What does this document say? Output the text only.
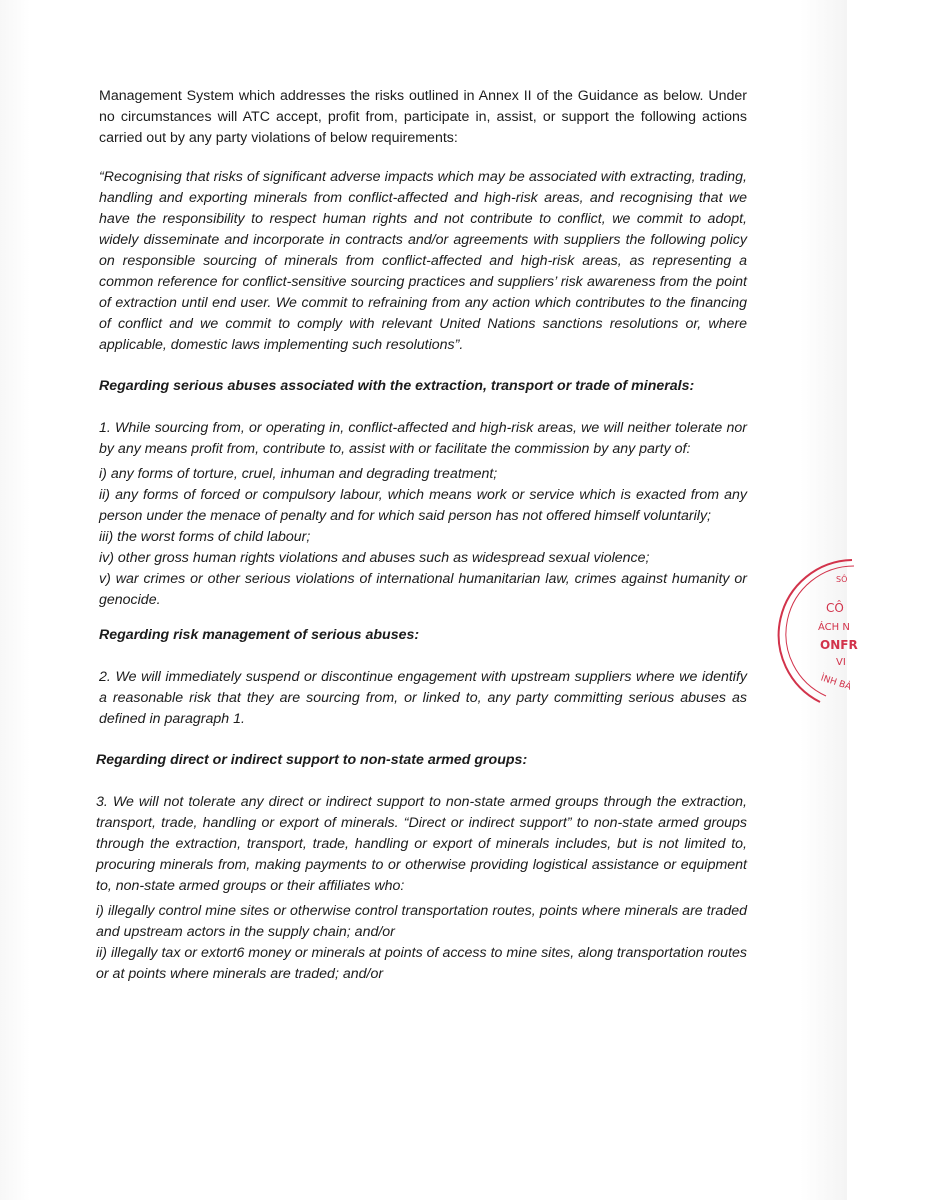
Management System which addresses the risks outlined in Annex II of the Guidance as below. Under no circumstances will ATC accept, profit from, participate in, assist, or support the following actions carried out by any party violations of below requirements:

“Recognising that risks of significant adverse impacts which may be associated with extracting, trading, handling and exporting minerals from conflict-affected and high-risk areas, and recognising that we have the responsibility to respect human rights and not contribute to conflict, we commit to adopt, widely disseminate and incorporate in contracts and/or agreements with suppliers the following policy on responsible sourcing of minerals from conflict-affected and high-risk areas, as representing a common reference for conflict-sensitive sourcing practices and suppliers’ risk awareness from the point of extraction until end user. We commit to refraining from any action which contributes to the financing of conflict and we commit to comply with relevant United Nations sanctions resolutions or, where applicable, domestic laws implementing such resolutions”.

Regarding serious abuses associated with the extraction, transport or trade of minerals:

1. While sourcing from, or operating in, conflict-affected and high-risk areas, we will neither tolerate nor by any means profit from, contribute to, assist with or facilitate the commission by any party of:

i) any forms of torture, cruel, inhuman and degrading treatment;

ii) any forms of forced or compulsory labour, which means work or service which is exacted from any person under the menace of penalty and for which said person has not offered himself voluntarily;

iii) the worst forms of child labour;

iv) other gross human rights violations and abuses such as widespread sexual violence;

v) war crimes or other serious violations of international humanitarian law, crimes against humanity or genocide.

Regarding risk management of serious abuses:

2. We will immediately suspend or discontinue engagement with upstream suppliers where we identify a reasonable risk that they are sourcing from, or linked to, any party committing serious abuses as defined in paragraph 1.

Regarding direct or indirect support to non-state armed groups:

3. We will not tolerate any direct or indirect support to non-state armed groups through the extraction, transport, trade, handling or export of minerals. “Direct or indirect support” to non-state armed groups through the extraction, transport, trade, handling or export of minerals includes, but is not limited to, procuring minerals from, making payments to or otherwise providing logistical assistance or equipment to, non-state armed groups or their affiliates who:

i) illegally control mine sites or otherwise control transportation routes, points where minerals are traded and upstream actors in the supply chain; and/or

ii) illegally tax or extort6 money or minerals at points of access to mine sites, along transportation routes or at points where minerals are traded; and/or

SÔ
CÔ
ÁCH N
ONFR
VI
ÌNH BÀ
